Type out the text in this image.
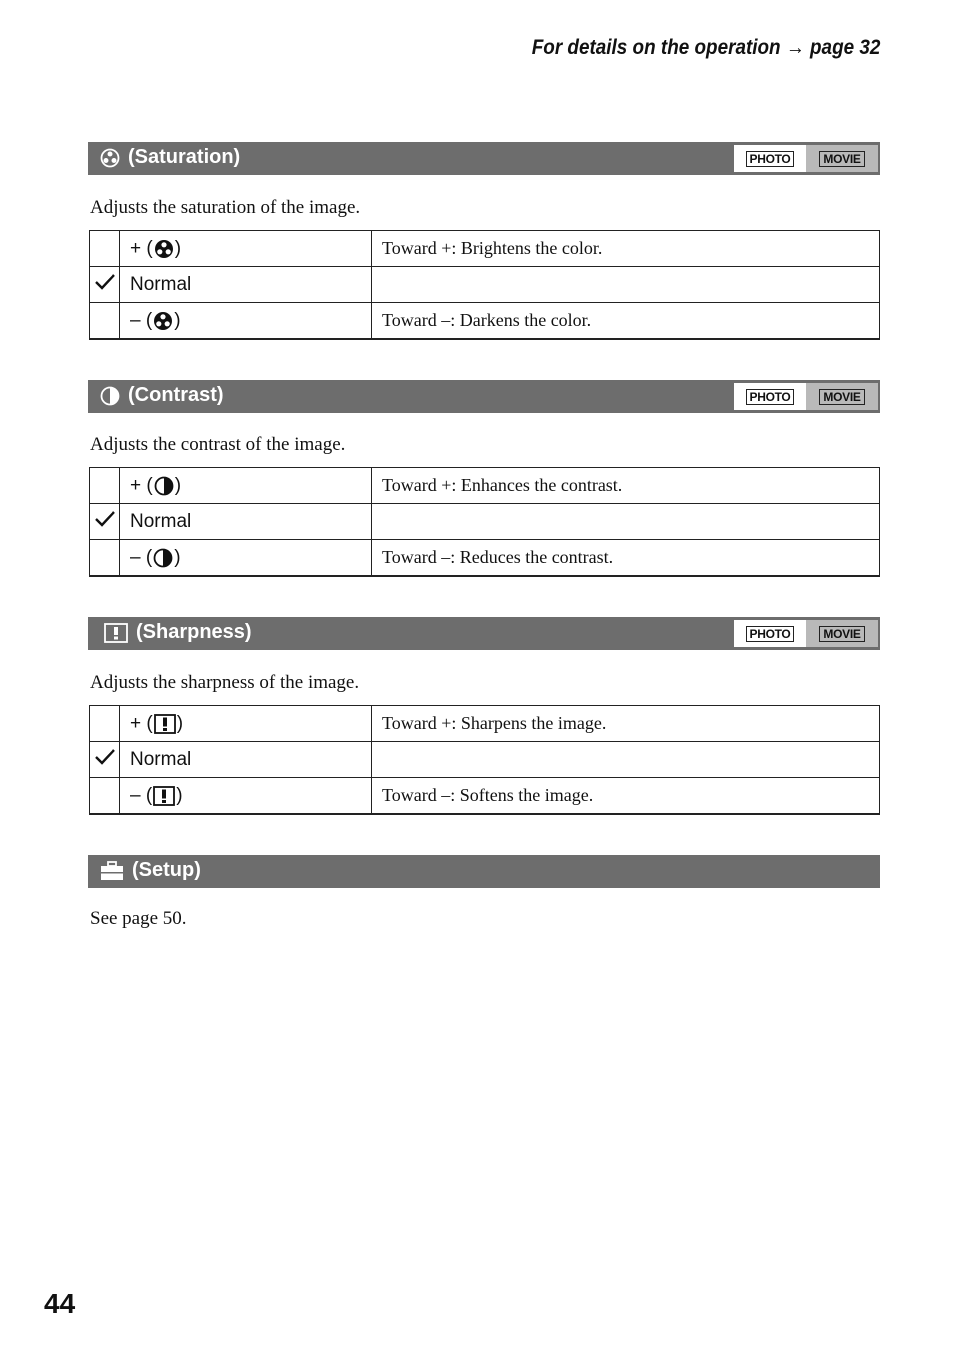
For details on the operation → page 32
(Saturation)	PHOTO	MOVIE
Adjusts the saturation of the image.

	+ ( )	Toward +: Brightens the color.
	Normal	

	– ( )	Toward –: Darkens the color.
(Contrast)	PHOTO	MOVIE
Adjusts the contrast of the image.

	+ ( )	Toward +: Enhances the contrast.
	Normal	

	– ( )	Toward –: Reduces the contrast.
(Sharpness)	PHOTO	MOVIE
Adjusts the sharpness of the image.

	+ ( )	Toward +: Sharpens the image.
	Normal	

	– ( )	Toward –: Softens the image.
(Setup)
See page 50.
44
